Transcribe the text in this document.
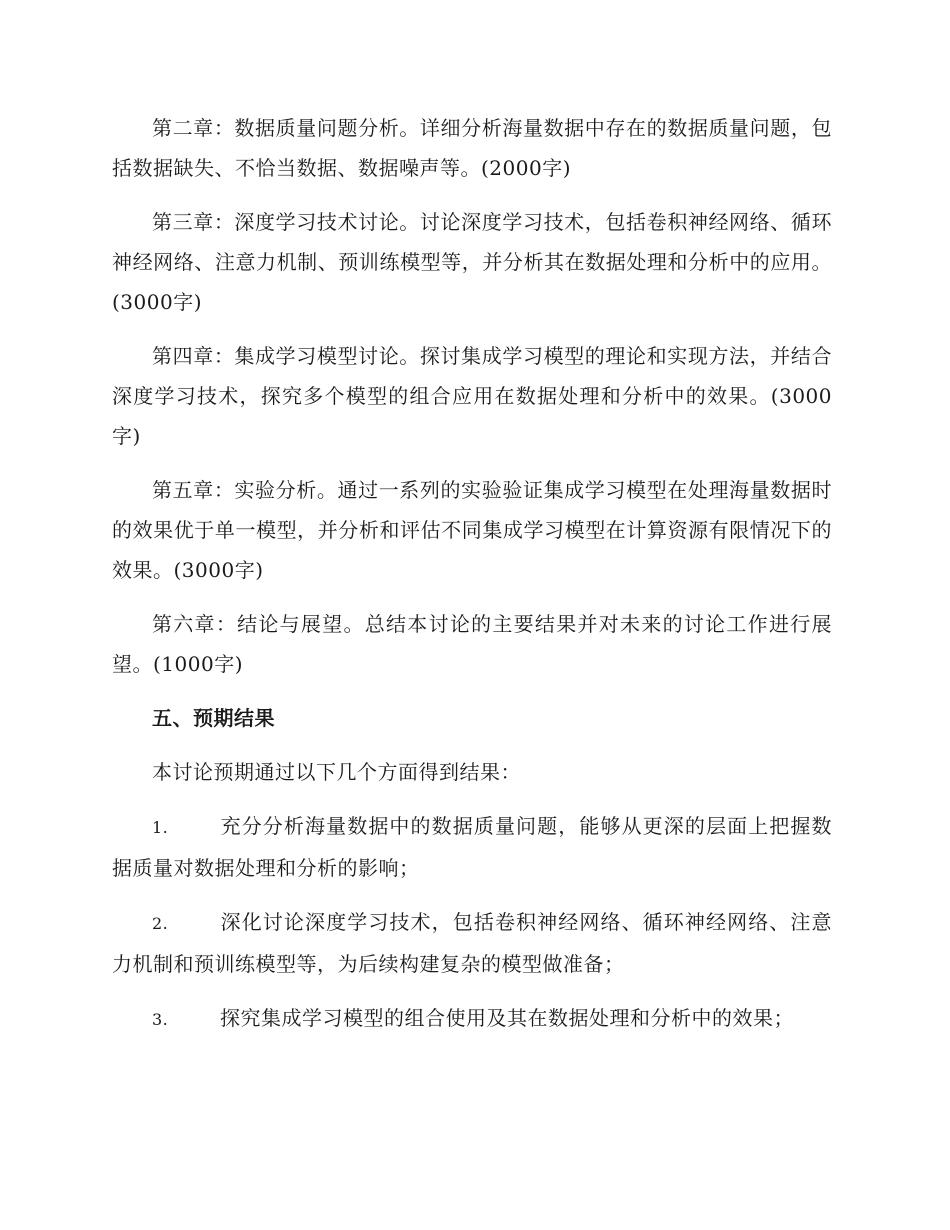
第二章：数据质量问题分析。详细分析海量数据中存在的数据质量问题，包括数据缺失、不恰当数据、数据噪声等。(2000字)

第三章：深度学习技术讨论。讨论深度学习技术，包括卷积神经网络、循环神经网络、注意力机制、预训练模型等，并分析其在数据处理和分析中的应用。(3000字)

第四章：集成学习模型讨论。探讨集成学习模型的理论和实现方法，并结合深度学习技术，探究多个模型的组合应用在数据处理和分析中的效果。(3000字)

第五章：实验分析。通过一系列的实验验证集成学习模型在处理海量数据时的效果优于单一模型，并分析和评估不同集成学习模型在计算资源有限情况下的效果。(3000字)

第六章：结论与展望。总结本讨论的主要结果并对未来的讨论工作进行展望。(1000字)

五、预期结果

本讨论预期通过以下几个方面得到结果：

1.	充分分析海量数据中的数据质量问题，能够从更深的层面上把握数据质量对数据处理和分析的影响；

2.	深化讨论深度学习技术，包括卷积神经网络、循环神经网络、注意力机制和预训练模型等，为后续构建复杂的模型做准备；

3.	探究集成学习模型的组合使用及其在数据处理和分析中的效果；
